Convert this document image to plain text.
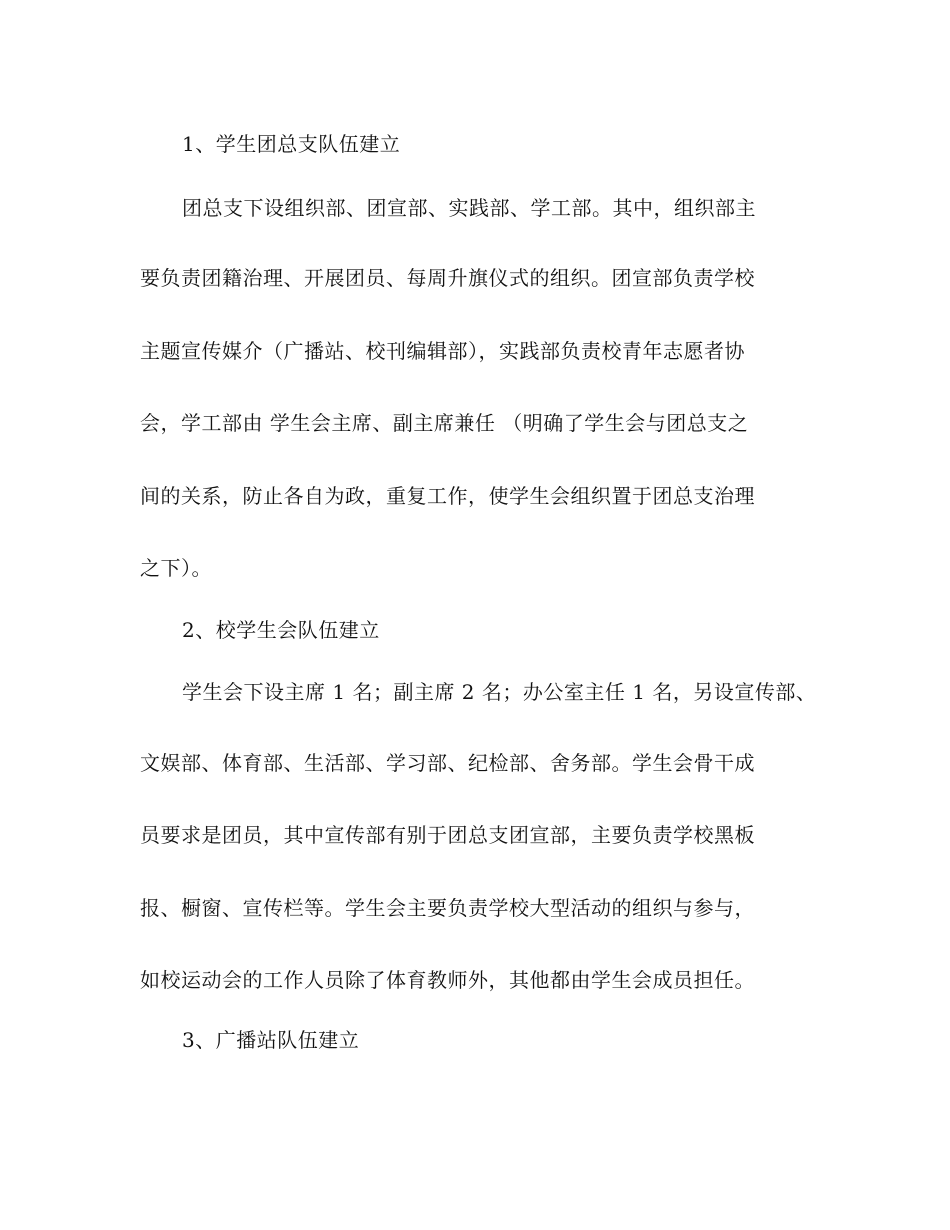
1、学生团总支队伍建立
团总支下设组织部、团宣部、实践部、学工部。其中，组织部主
要负责团籍治理、开展团员、每周升旗仪式的组织。团宣部负责学校
主题宣传媒介（广播站、校刊编辑部），实践部负责校青年志愿者协
会，学工部由 学生会主席、副主席兼任 （明确了学生会与团总支之
间的关系，防止各自为政，重复工作，使学生会组织置于团总支治理
之下）。
2、校学生会队伍建立
学生会下设主席 1 名；副主席 2 名；办公室主任 1 名，另设宣传部、
文娱部、体育部、生活部、学习部、纪检部、舍务部。学生会骨干成
员要求是团员，其中宣传部有别于团总支团宣部，主要负责学校黑板
报、橱窗、宣传栏等。学生会主要负责学校大型活动的组织与参与，
如校运动会的工作人员除了体育教师外，其他都由学生会成员担任。
3、广播站队伍建立
